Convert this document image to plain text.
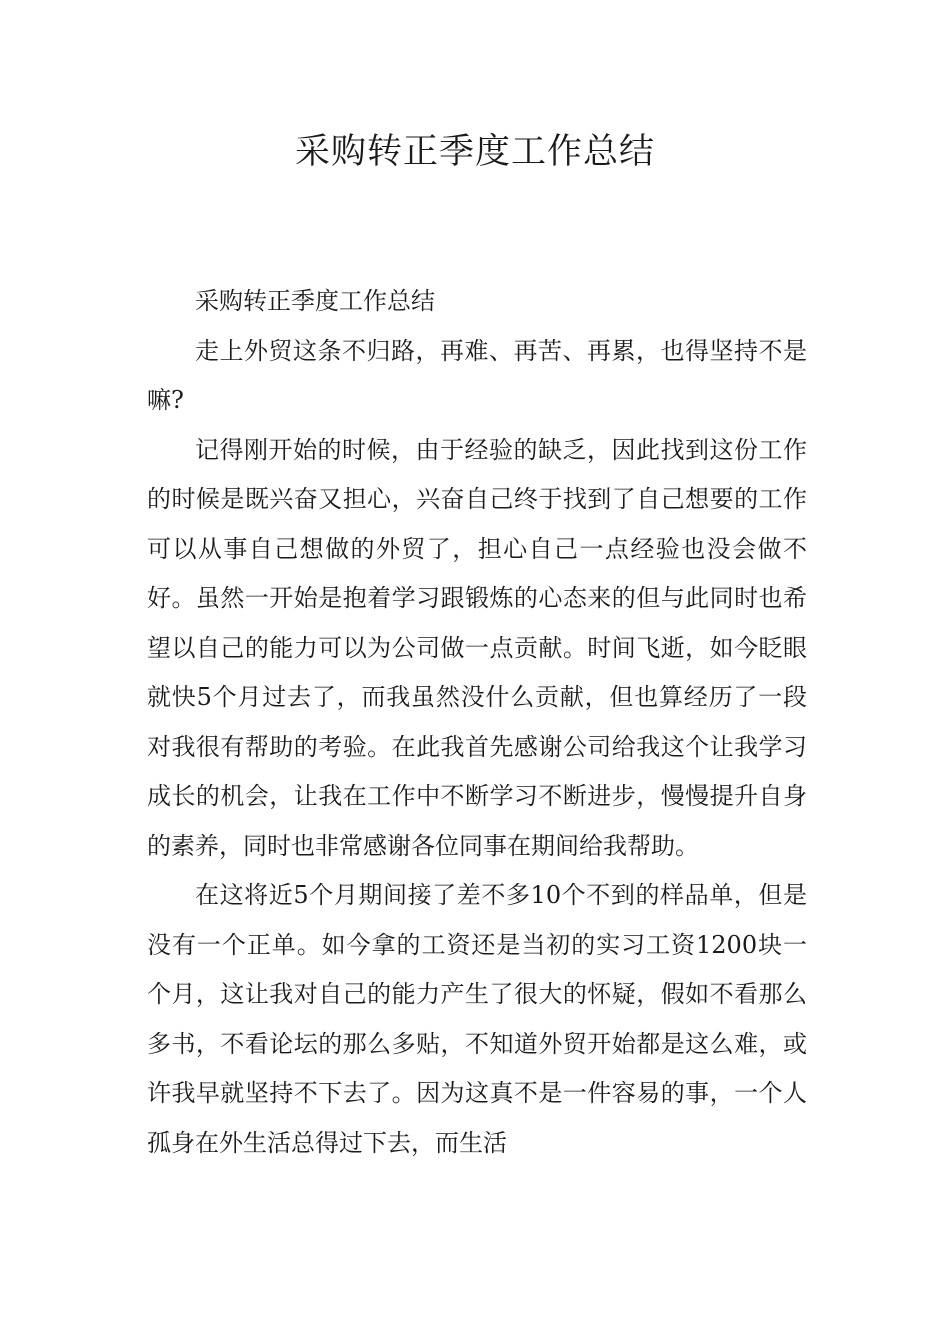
采购转正季度工作总结

采购转正季度工作总结

走上外贸这条不归路，再难、再苦、再累，也得坚持不是嘛?

记得刚开始的时候，由于经验的缺乏，因此找到这份工作的时候是既兴奋又担心，兴奋自己终于找到了自己想要的工作可以从事自己想做的外贸了，担心自己一点经验也没会做不好。虽然一开始是抱着学习跟锻炼的心态来的但与此同时也希望以自己的能力可以为公司做一点贡献。时间飞逝，如今眨眼就快5个月过去了，而我虽然没什么贡献，但也算经历了一段对我很有帮助的考验。在此我首先感谢公司给我这个让我学习成长的机会，让我在工作中不断学习不断进步，慢慢提升自身的素养，同时也非常感谢各位同事在期间给我帮助。

在这将近5个月期间接了差不多10个不到的样品单，但是没有一个正单。如今拿的工资还是当初的实习工资1200块一个月，这让我对自己的能力产生了很大的怀疑，假如不看那么多书，不看论坛的那么多贴，不知道外贸开始都是这么难，或许我早就坚持不下去了。因为这真不是一件容易的事，一个人孤身在外生活总得过下去，而生活
